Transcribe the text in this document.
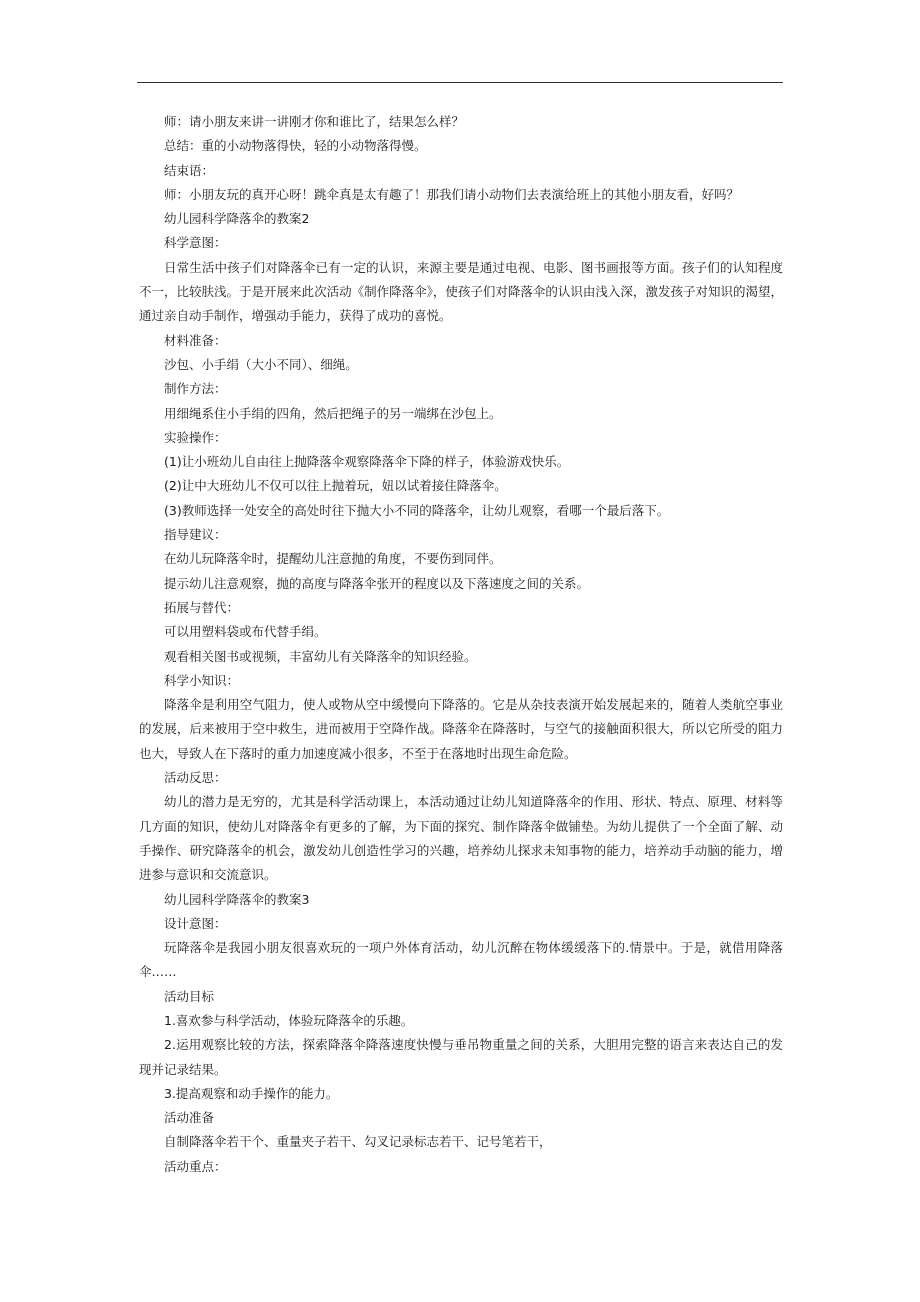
师：请小朋友来讲一讲刚才你和谁比了，结果怎么样？
总结：重的小动物落得快，轻的小动物落得慢。
结束语：
师：小朋友玩的真开心呀！跳伞真是太有趣了！那我们请小动物们去表演给班上的其他小朋友看，好吗？
幼儿园科学降落伞的教案2
科学意图：
日常生活中孩子们对降落伞已有一定的认识，来源主要是通过电视、电影、图书画报等方面。孩子们的认知程度不一，比较肤浅。于是开展来此次活动《制作降落伞》，使孩子们对降落伞的认识由浅入深，激发孩子对知识的渴望，通过亲自动手制作，增强动手能力，获得了成功的喜悦。
材料准备：
沙包、小手绢（大小不同）、细绳。
制作方法：
用细绳系住小手绢的四角，然后把绳子的另一端绑在沙包上。
实验操作：
(1)让小班幼儿自由往上抛降落伞观察降落伞下降的样子，体验游戏快乐。
(2)让中大班幼儿不仅可以往上抛着玩，妞以试着接住降落伞。
(3)教师选择一处安全的高处时往下抛大小不同的降落伞，让幼儿观察，看哪一个最后落下。
指导建议：
在幼儿玩降落伞时，提醒幼儿注意抛的角度，不要伤到同伴。
提示幼儿注意观察，抛的高度与降落伞张开的程度以及下落速度之间的关系。
拓展与替代：
可以用塑料袋或布代替手绢。
观看相关图书或视频，丰富幼儿有关降落伞的知识经验。
科学小知识：
降落伞是利用空气阻力，使人或物从空中缓慢向下降落的。它是从杂技表演开始发展起来的，随着人类航空事业的发展，后来被用于空中救生，进而被用于空降作战。降落伞在降落时，与空气的接触面积很大，所以它所受的阻力也大，导致人在下落时的重力加速度减小很多，不至于在落地时出现生命危险。
活动反思：
幼儿的潜力是无穷的，尤其是科学活动课上，本活动通过让幼儿知道降落伞的作用、形状、特点、原理、材料等几方面的知识，使幼儿对降落伞有更多的了解，为下面的探究、制作降落伞做铺垫。为幼儿提供了一个全面了解、动手操作、研究降落伞的机会，激发幼儿创造性学习的兴趣，培养幼儿探求未知事物的能力，培养动手动脑的能力，增进参与意识和交流意识。
幼儿园科学降落伞的教案3
设计意图：
玩降落伞是我园小朋友很喜欢玩的一项户外体育活动，幼儿沉醉在物体缓缓落下的.情景中。于是，就借用降落伞……
活动目标
1.喜欢参与科学活动，体验玩降落伞的乐趣。
2.运用观察比较的方法，探索降落伞降落速度快慢与垂吊物重量之间的关系，大胆用完整的语言来表达自己的发现并记录结果。
3.提高观察和动手操作的能力。
活动准备
自制降落伞若干个、重量夹子若干、勾叉记录标志若干、记号笔若干，
活动重点：
